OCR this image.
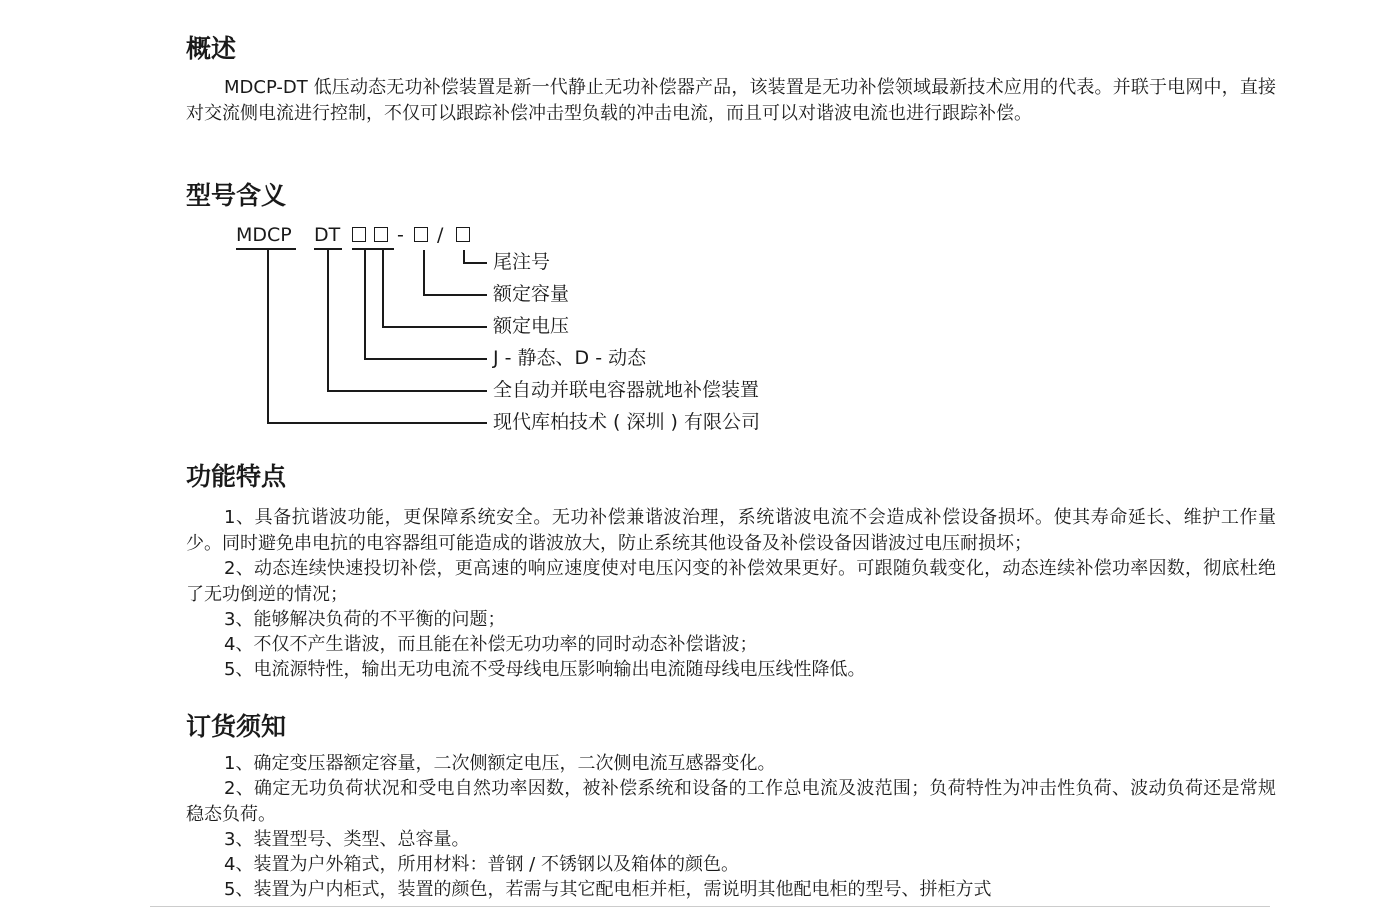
概述

MDCP-DT 低压动态无功补偿装置是新一代静止无功补偿器产品，该装置是无功补偿领域最新技术应用的代表。并联于电网中，直接对交流侧电流进行控制，不仅可以跟踪补偿冲击型负载的冲击电流，而且可以对谐波电流也进行跟踪补偿。

型号含义
MDCP DT	- /
尾注号
额定容量
额定电压
J - 静态、D - 动态
全自动并联电容器就地补偿装置
现代库柏技术 ( 深圳 ) 有限公司
功能特点

1、具备抗谐波功能，更保障系统安全。无功补偿兼谐波治理，系统谐波电流不会造成补偿设备损坏。使其寿命延长、维护工作量少。同时避免串电抗的电容器组可能造成的谐波放大，防止系统其他设备及补偿设备因谐波过电压耐损坏；

2、动态连续快速投切补偿，更高速的响应速度使对电压闪变的补偿效果更好。可跟随负载变化，动态连续补偿功率因数，彻底杜绝了无功倒逆的情况；

3、能够解决负荷的不平衡的问题；

4、不仅不产生谐波，而且能在补偿无功功率的同时动态补偿谐波；

5、电流源特性，输出无功电流不受母线电压影响输出电流随母线电压线性降低。

订货须知

1、确定变压器额定容量，二次侧额定电压，二次侧电流互感器变化。

2、确定无功负荷状况和受电自然功率因数，被补偿系统和设备的工作总电流及波范围；负荷特性为冲击性负荷、波动负荷还是常规稳态负荷。

3、装置型号、类型、总容量。

4、装置为户外箱式，所用材料：普钢 / 不锈钢以及箱体的颜色。

5、装置为户内柜式，装置的颜色，若需与其它配电柜并柜，需说明其他配电柜的型号、拼柜方式
